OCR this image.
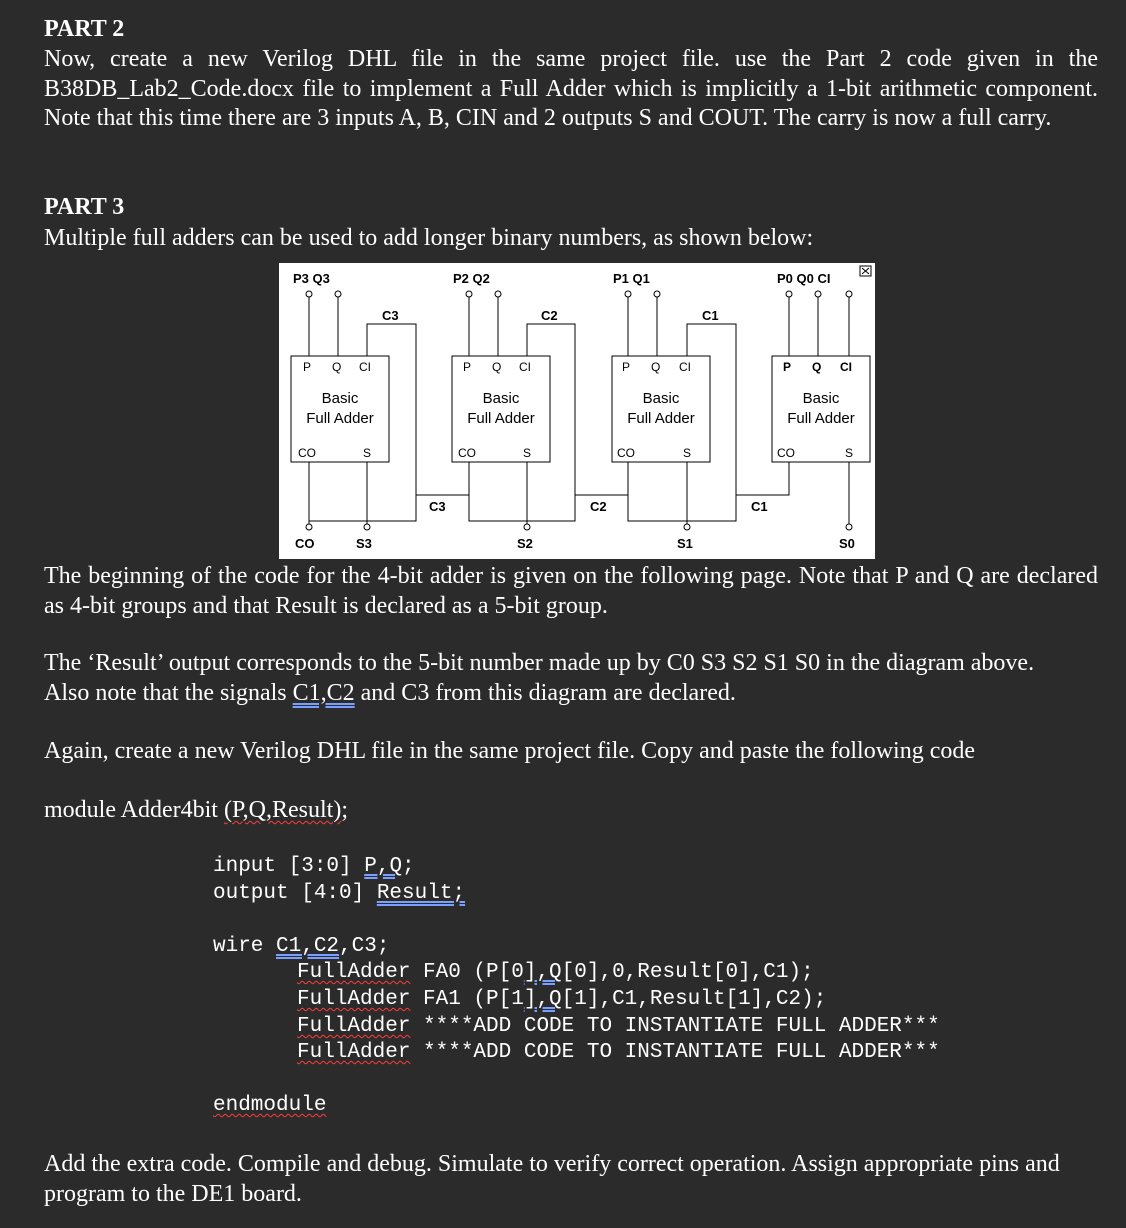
PART 2
Now, create a new Verilog DHL file in the same project file. use the Part 2 code given in the B38DB_Lab2_Code.docx file to implement a Full Adder which is implicitly a 1-bit arithmetic component. Note that this time there are 3 inputs A, B, CIN and 2 outputs S and COUT. The carry is now a full carry.
PART 3
Multiple full adders can be used to add longer binary numbers, as shown below:
P3 Q3	P2 Q2	P1 Q1	P0 Q0 CI
C3	C2	C1
P Q CI	P Q CI	P Q CI	P Q CI
Basic
Full Adder
Basic
Full Adder
Basic
Full Adder
Basic
Full Adder
CO	S	CO	S	CO	S	CO	S
C3	C2	C1
CO	S3	S2	S1	S0
The beginning of the code for the 4-bit adder is given on the following page. Note that P and Q are declared as 4-bit groups and that Result is declared as a 5-bit group.
The ‘Result’ output corresponds to the 5-bit number made up by C0 S3 S2 S1 S0 in the diagram above.
Also note that the signals C1,C2 and C3 from this diagram are declared.
Again, create a new Verilog DHL file in the same project file. Copy and paste the following code
module Adder4bit (P,Q,Result);
input [3:0] P,Q;
output [4:0] Result;
wire C1,C2,C3;
FullAdder FA0 (P[0],Q[0],0,Result[0],C1);
FullAdder FA1 (P[1],Q[1],C1,Result[1],C2);
FullAdder ****ADD CODE TO INSTANTIATE FULL ADDER***
FullAdder ****ADD CODE TO INSTANTIATE FULL ADDER***
endmodule
Add the extra code. Compile and debug. Simulate to verify correct operation. Assign appropriate pins and program to the DE1 board.
